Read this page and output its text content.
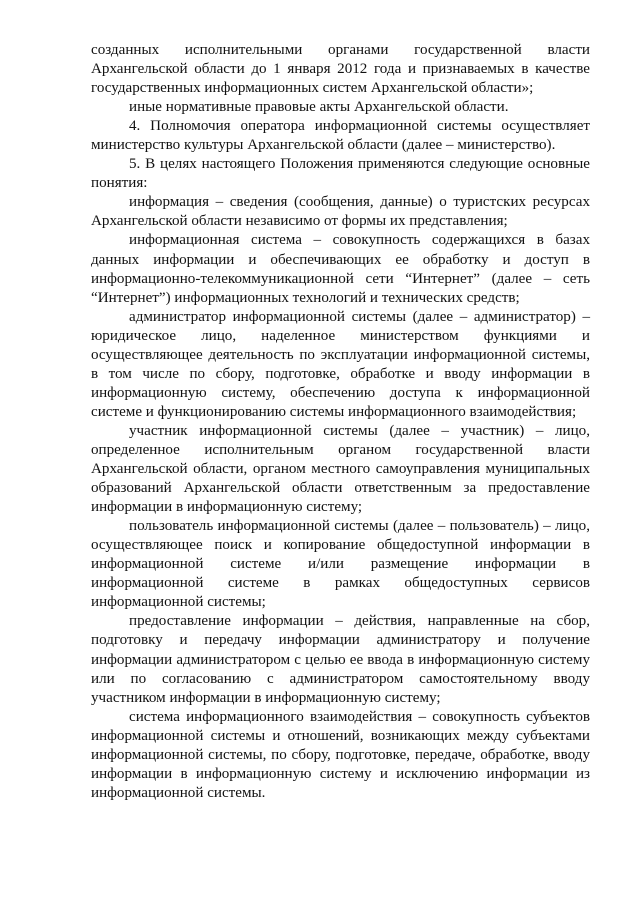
созданных исполнительными органами государственной власти Архангельской области до 1 января 2012 года и признаваемых в качестве государственных информационных систем Архангельской области»;

иные нормативные правовые акты Архангельской области.

4. Полномочия оператора информационной системы осуществляет министерство культуры Архангельской области (далее – министерство).

5. В целях настоящего Положения применяются следующие основные понятия:

информация – сведения (сообщения, данные) о туристских ресурсах Архангельской области независимо от формы их представления;

информационная система – совокупность содержащихся в базах данных информации и обеспечивающих ее обработку и доступ в информационно-телекоммуникационной сети “Интернет” (далее – сеть “Интернет”) информационных технологий и технических средств;

администратор информационной системы (далее – администратор) – юридическое лицо, наделенное министерством функциями и осуществляющее деятельность по эксплуатации информационной системы, в том числе по сбору, подготовке, обработке и вводу информации в информационную систему, обеспечению доступа к информационной системе и функционированию системы информационного взаимодействия;

участник информационной системы (далее – участник) – лицо, определенное исполнительным органом государственной власти Архангельской области, органом местного самоуправления муниципальных образований Архангельской области ответственным за предоставление информации в информационную систему;

пользователь информационной системы (далее – пользователь) – лицо, осуществляющее поиск и копирование общедоступной информации в информационной системе и/или размещение информации в информационной системе в рамках общедоступных сервисов информационной системы;

предоставление информации – действия, направленные на сбор, подготовку и передачу информации администратору и получение информации администратором с целью ее ввода в информационную систему или по согласованию с администратором самостоятельному вводу участником информации в информационную систему;

система информационного взаимодействия – совокупность субъектов информационной системы и отношений, возникающих между субъектами информационной системы, по сбору, подготовке, передаче, обработке, вводу информации в информационную систему и исключению информации из информационной системы.
